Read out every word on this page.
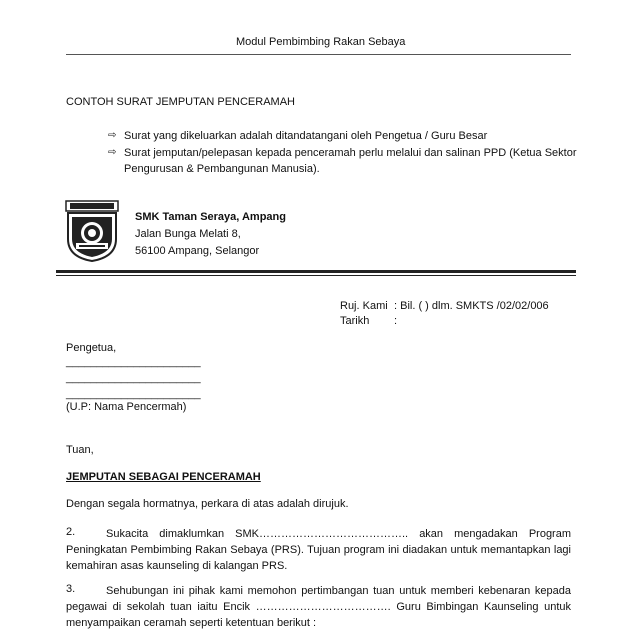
Modul Pembimbing Rakan Sebaya
CONTOH SURAT JEMPUTAN PENCERAMAH
⇨ Surat yang dikeluarkan adalah ditandatangani oleh Pengetua / Guru Besar
⇨ Surat jemputan/pelepasan kepada penceramah perlu melalui dan salinan PPD (Ketua Sektor
Pengurusan & Pembangunan Manusia).
SMK Taman Seraya, Ampang
Jalan Bunga Melati 8,
56100 Ampang, Selangor
Ruj. Kami : Bil. ( ) dlm. SMKTS /02/02/006
Tarikh :
Pengetua,
______________________
______________________
______________________
(U.P: Nama Pencermah)
Tuan,
JEMPUTAN SEBAGAI PENCERAMAH
Dengan segala hormatnya, perkara di atas adalah dirujuk.
2.	Sukacita dimaklumkan SMK………………………………….. akan mengadakan Program Peningkatan Pembimbing Rakan Sebaya (PRS). Tujuan program ini diadakan untuk memantapkan lagi kemahiran asas kaunseling di kalangan PRS.
3.	Sehubungan ini pihak kami memohon pertimbangan tuan untuk memberi kebenaran kepada pegawai di sekolah tuan iaitu Encik ………………………………. Guru Bimbingan Kaunseling untuk menyampaikan ceramah seperti ketentuan berikut :
